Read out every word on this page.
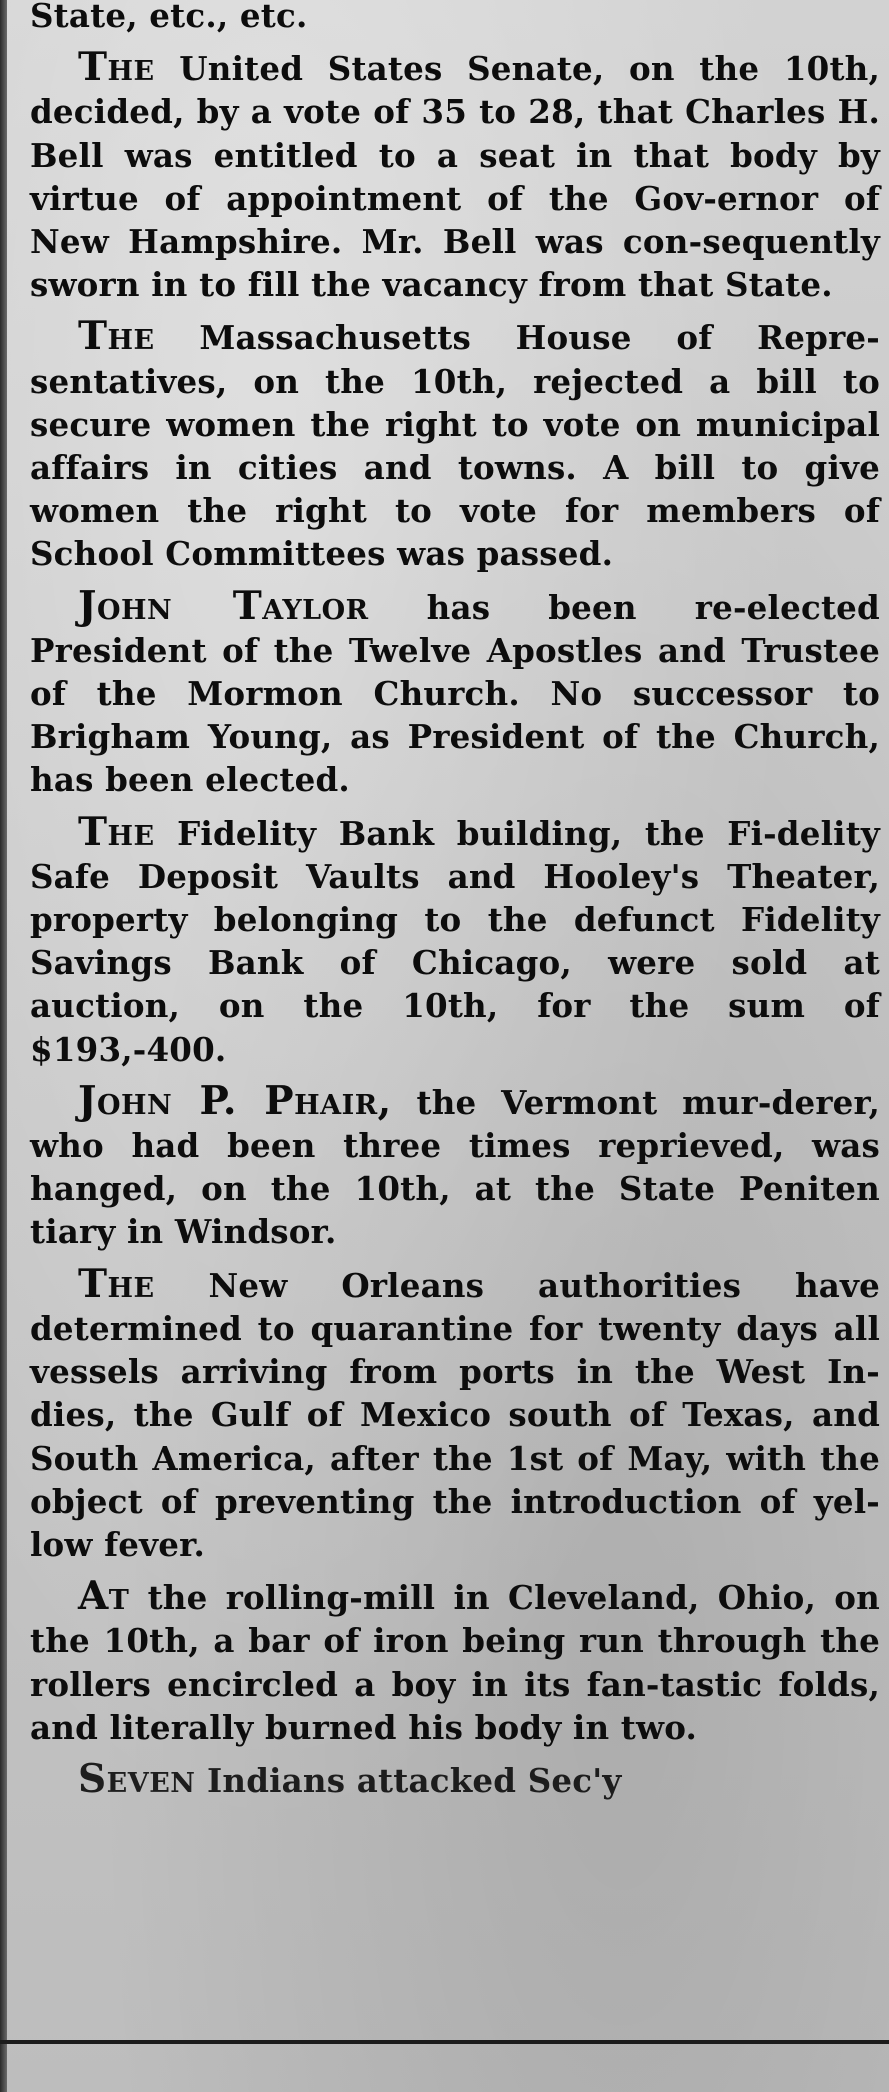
State, etc., etc.

The United States Senate, on the 10th, decided, by a vote of 35 to 28, that Charles H. Bell was entitled to a seat in that body by virtue of appointment of the Gov-ernor of New Hampshire. Mr. Bell was con-sequently sworn in to fill the vacancy from that State.

The Massachusetts House of Repre-sentatives, on the 10th, rejected a bill to secure women the right to vote on municipal affairs in cities and towns. A bill to give women the right to vote for members of School Committees was passed.

John Taylor has been re-elected President of the Twelve Apostles and Trustee of the Mormon Church. No successor to Brigham Young, as President of the Church, has been elected.

The Fidelity Bank building, the Fi-delity Safe Deposit Vaults and Hooley's Theater, property belonging to the defunct Fidelity Savings Bank of Chicago, were sold at auction, on the 10th, for the sum of $193,-400.

John P. Phair, the Vermont mur-derer, who had been three times reprieved, was hanged, on the 10th, at the State Peniten tiary in Windsor.

The New Orleans authorities have determined to quarantine for twenty days all vessels arriving from ports in the West In-dies, the Gulf of Mexico south of Texas, and South America, after the 1st of May, with the object of preventing the introduction of yel-low fever.

At the rolling-mill in Cleveland, Ohio, on the 10th, a bar of iron being run through the rollers encircled a boy in its fan-tastic folds, and literally burned his body in two.

Seven Indians attacked Sec'y
